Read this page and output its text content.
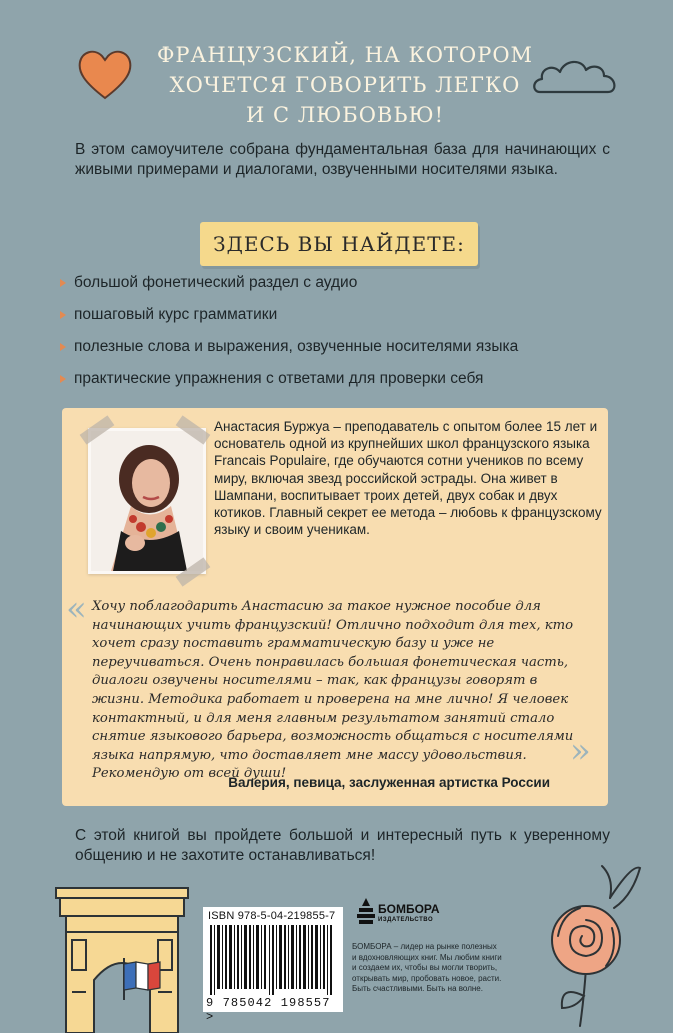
ФРАНЦУЗСКИЙ, НА КОТОРОМ
ХОЧЕТСЯ ГОВОРИТЬ ЛЕГКО
И С ЛЮБОВЬЮ!
В этом самоучителе собрана фундаментальная база для начинающих с живыми примерами и диалогами, озвученными носителями языка.
ЗДЕСЬ ВЫ НАЙДЕТЕ:
большой фонетический раздел с аудио
пошаговый курс грамматики
полезные слова и выражения, озвученные носителями языка
практические упражнения с ответами для проверки себя
Анастасия Буржуа – преподаватель с опытом более 15 лет и основатель одной из крупнейших школ французского языка Francais Populaire, где обучаются сотни учеников по всему миру, включая звезд российской эстрады. Она живет в Шампани, воспитывает троих детей, двух собак и двух котиков. Главный секрет ее метода – любовь к французскому языку и своим ученикам.
« Хочу поблагодарить Анастасию за такое нужное пособие для начинающих учить французский! Отлично подходит для тех, кто хочет сразу поставить грамматическую базу и уже не переучиваться. Очень понравилась большая фонетическая часть, диалоги озвучены носителями – так, как французы говорят в жизни. Методика работает и проверена на мне лично! Я человек контактный, и для меня главным результатом занятий стало снятие языкового барьера, возможность общаться с носителями языка напрямую, что доставляет мне массу удовольствия. Рекомендую от всей души!
»
Валерия, певица, заслуженная артистка России
С этой книгой вы пройдете большой и интересный путь к уверенному общению и не захотите останавливаться!
ISBN 978-5-04-219855-7
9 785042 198557 >
БОМБОРА
ИЗДАТЕЛЬСТВО
БОМБОРА – лидер на рынке полезных и вдохновляющих книг. Мы любим книги и создаем их, чтобы вы могли творить, открывать мир, пробовать новое, расти. Быть счастливыми. Быть на волне.
